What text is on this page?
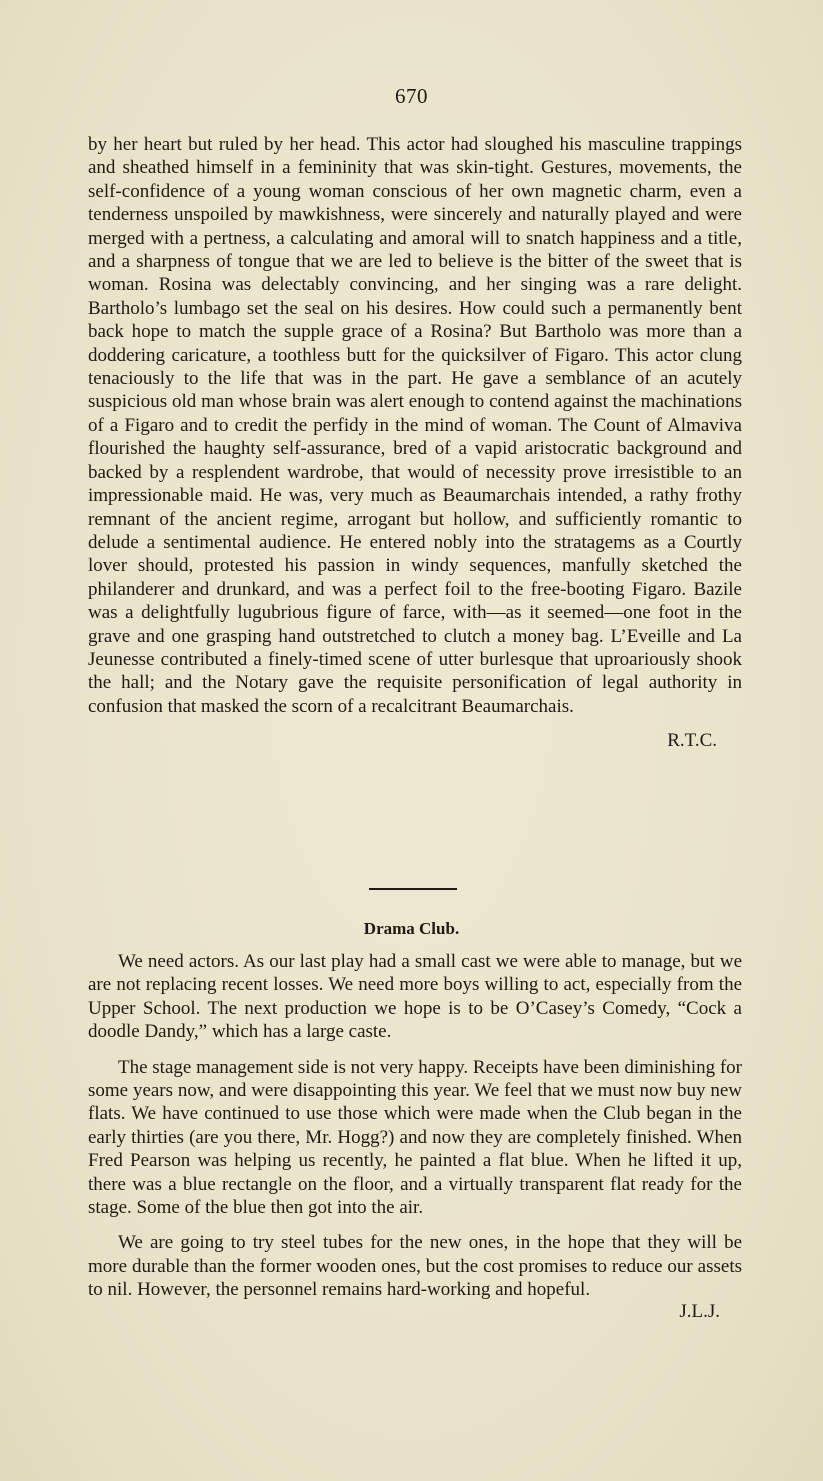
670

by her heart but ruled by her head. This actor had sloughed his masculine trappings and sheathed himself in a femininity that was skin-tight. Gestures, movements, the self-confidence of a young woman conscious of her own magnetic charm, even a tenderness unspoiled by mawkishness, were sincerely and naturally played and were merged with a pertness, a calculating and amoral will to snatch happiness and a title, and a sharpness of tongue that we are led to believe is the bitter of the sweet that is woman. Rosina was delectably convincing, and her singing was a rare delight. Bartholo’s lumbago set the seal on his desires. How could such a permanently bent back hope to match the supple grace of a Rosina? But Bartholo was more than a doddering caricature, a toothless butt for the quicksilver of Figaro. This actor clung tenaciously to the life that was in the part. He gave a semblance of an acutely suspicious old man whose brain was alert enough to contend against the machinations of a Figaro and to credit the perfidy in the mind of woman. The Count of Almaviva flourished the haughty self-assurance, bred of a vapid aristocratic background and backed by a resplendent wardrobe, that would of necessity prove irresistible to an impressionable maid. He was, very much as Beaumarchais intended, a rathy frothy remnant of the ancient regime, arrogant but hollow, and sufficiently romantic to delude a sentimental audience. He entered nobly into the stratagems as a Courtly lover should, protested his passion in windy sequences, manfully sketched the philanderer and drunkard, and was a perfect foil to the free-booting Figaro. Bazile was a delightfully lugubrious figure of farce, with—as it seemed—one foot in the grave and one grasping hand outstretched to clutch a money bag. L’Eveille and La Jeunesse contributed a finely-timed scene of utter burlesque that uproariously shook the hall; and the Notary gave the requisite personification of legal authority in confusion that masked the scorn of a recalcitrant Beaumarchais.

R.T.C.

Drama Club.

We need actors. As our last play had a small cast we were able to manage, but we are not replacing recent losses. We need more boys willing to act, especially from the Upper School. The next production we hope is to be O’Casey’s Comedy, “Cock a doodle Dandy,” which has a large caste.

The stage management side is not very happy. Receipts have been diminishing for some years now, and were disappointing this year. We feel that we must now buy new flats. We have continued to use those which were made when the Club began in the early thirties (are you there, Mr. Hogg?) and now they are completely finished. When Fred Pearson was helping us recently, he painted a flat blue. When he lifted it up, there was a blue rectangle on the floor, and a virtually transparent flat ready for the stage. Some of the blue then got into the air.

We are going to try steel tubes for the new ones, in the hope that they will be more durable than the former wooden ones, but the cost promises to reduce our assets to nil. However, the personnel remains hard-working and hopeful.

J.L.J.
